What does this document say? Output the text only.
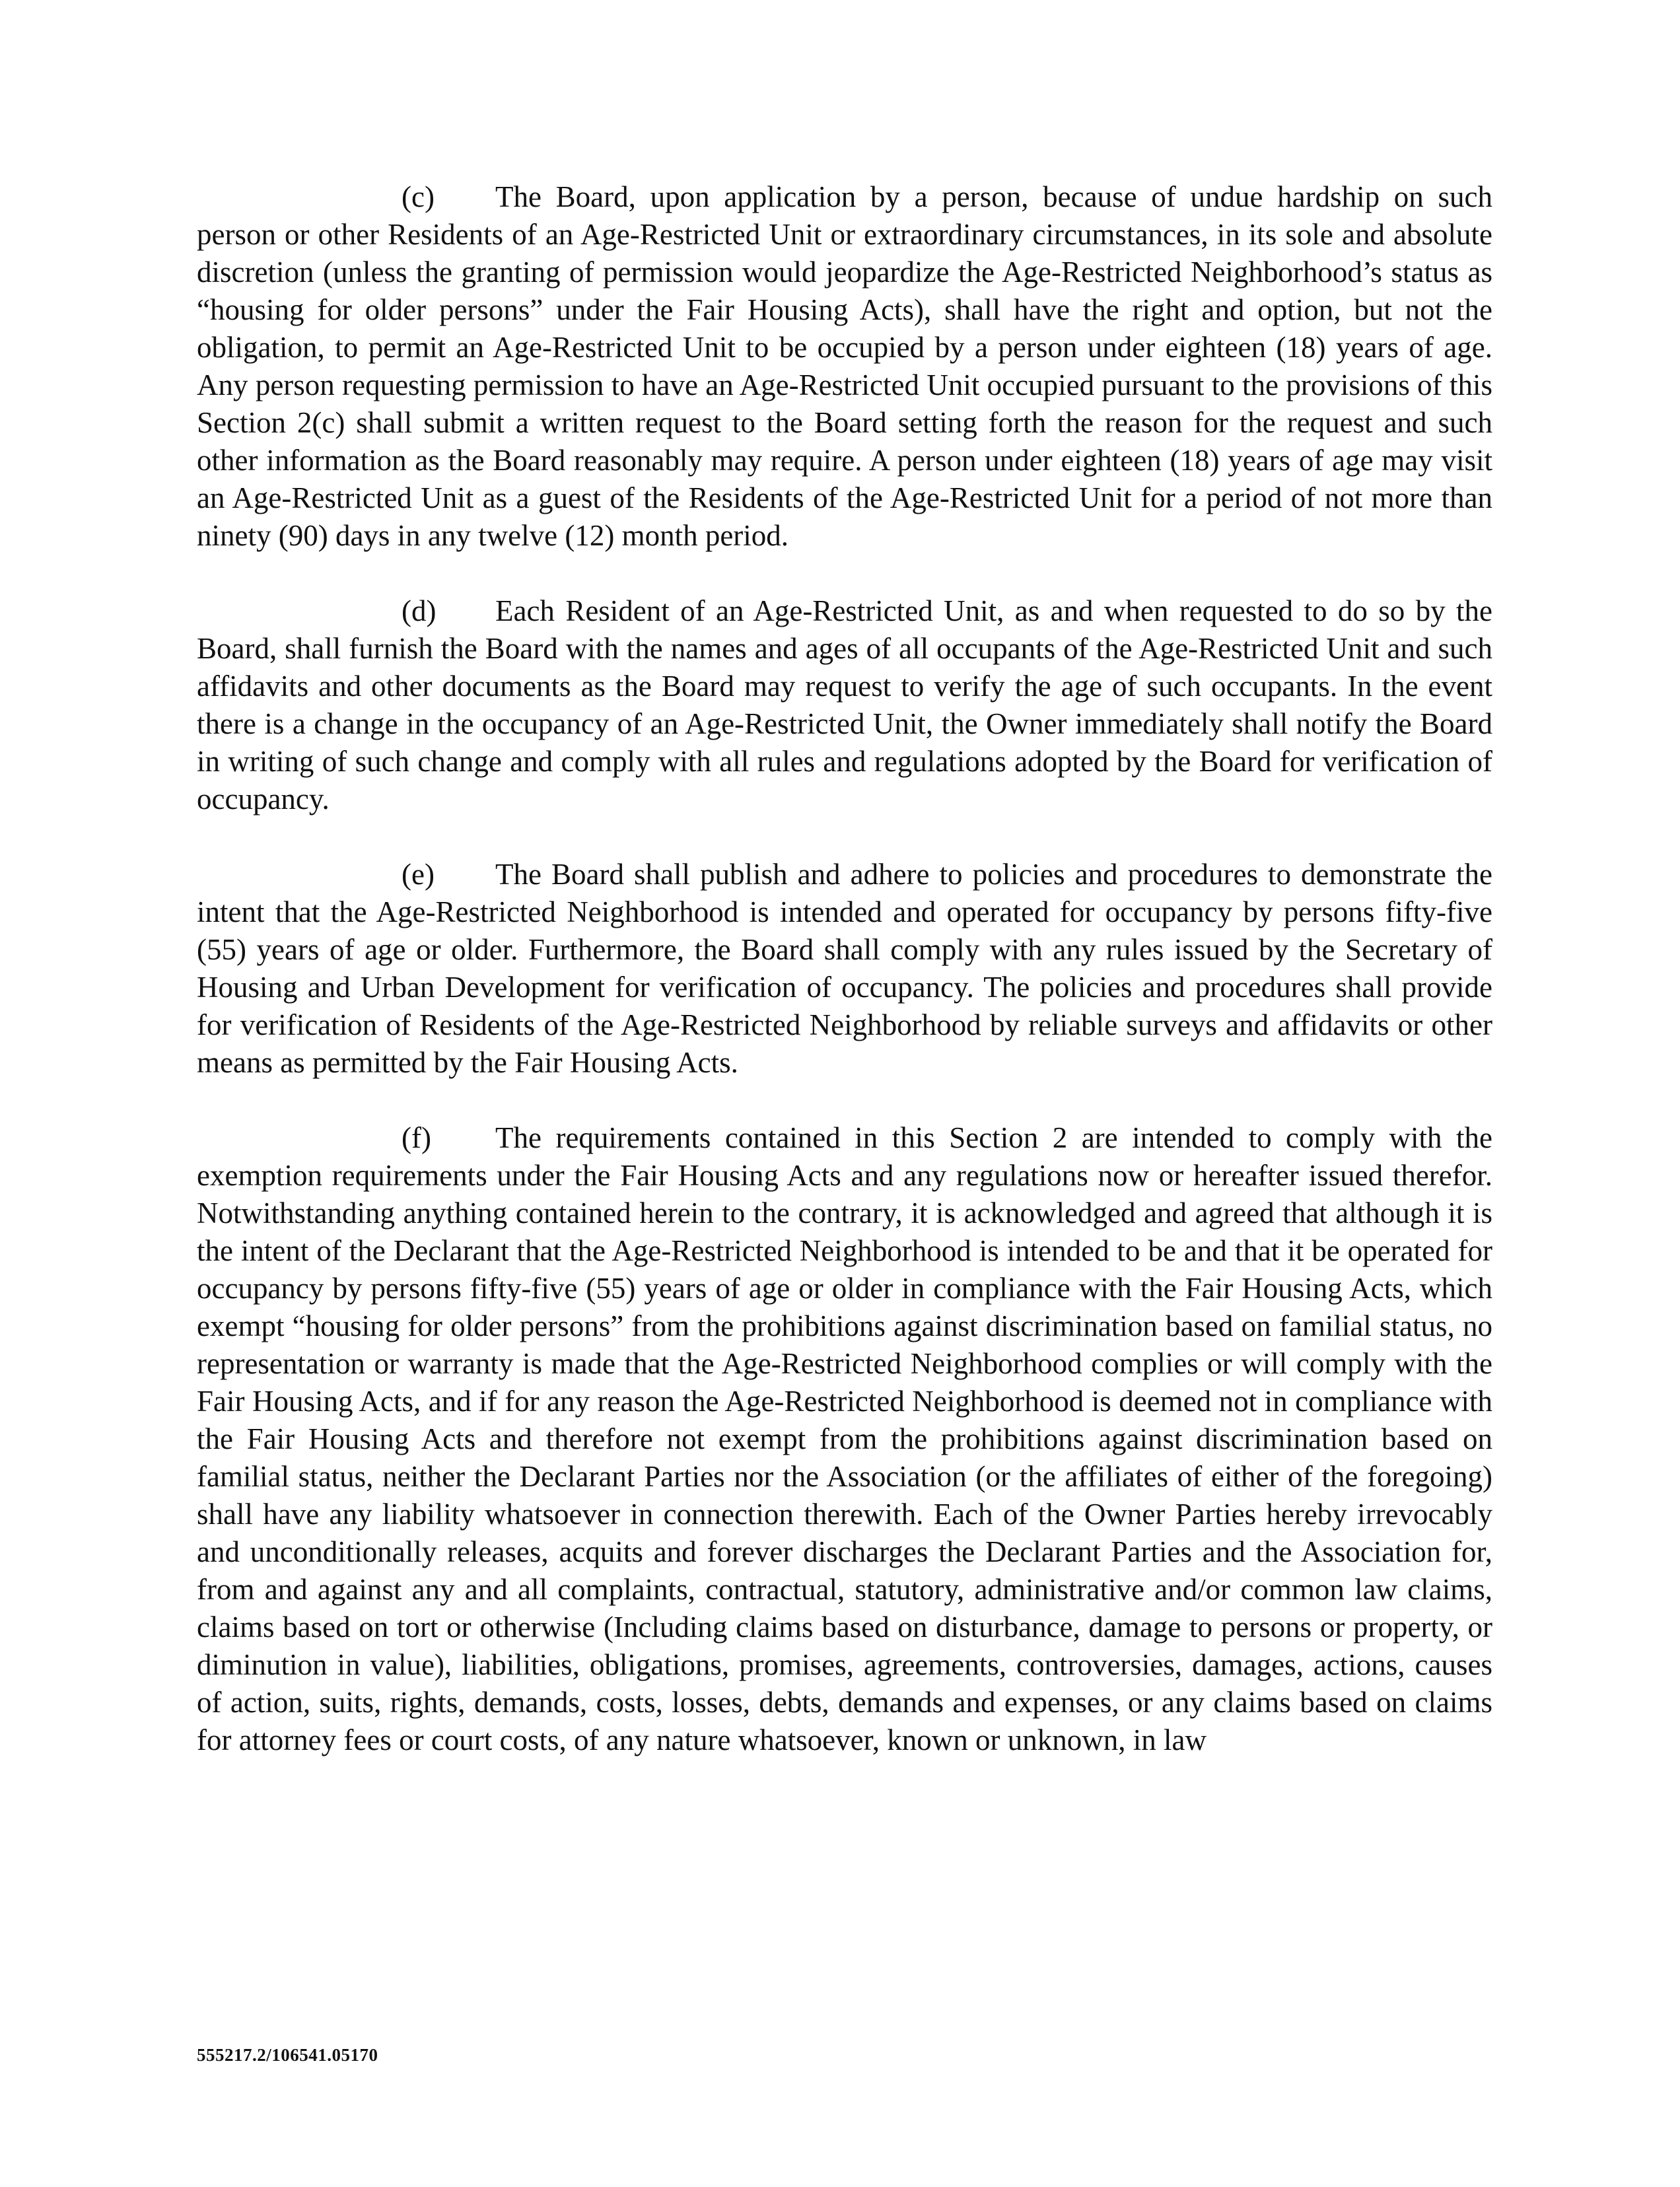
(c) The Board, upon application by a person, because of undue hardship on such person or other Residents of an Age-Restricted Unit or extraordinary circumstances, in its sole and absolute discretion (unless the granting of permission would jeopardize the Age-Restricted Neighborhood’s status as “housing for older persons” under the Fair Housing Acts), shall have the right and option, but not the obligation, to permit an Age-Restricted Unit to be occupied by a person under eighteen (18) years of age. Any person requesting permission to have an Age-Restricted Unit occupied pursuant to the provisions of this Section 2(c) shall submit a written request to the Board setting forth the reason for the request and such other information as the Board reasonably may require. A person under eighteen (18) years of age may visit an Age-Restricted Unit as a guest of the Residents of the Age-Restricted Unit for a period of not more than ninety (90) days in any twelve (12) month period.

(d) Each Resident of an Age-Restricted Unit, as and when requested to do so by the Board, shall furnish the Board with the names and ages of all occupants of the Age-Restricted Unit and such affidavits and other documents as the Board may request to verify the age of such occupants. In the event there is a change in the occupancy of an Age-Restricted Unit, the Owner immediately shall notify the Board in writing of such change and comply with all rules and regulations adopted by the Board for verification of occupancy.

(e) The Board shall publish and adhere to policies and procedures to demonstrate the intent that the Age-Restricted Neighborhood is intended and operated for occupancy by persons fifty-five (55) years of age or older. Furthermore, the Board shall comply with any rules issued by the Secretary of Housing and Urban Development for verification of occupancy. The policies and procedures shall provide for verification of Residents of the Age-Restricted Neighborhood by reliable surveys and affidavits or other means as permitted by the Fair Housing Acts.

(f) The requirements contained in this Section 2 are intended to comply with the exemption requirements under the Fair Housing Acts and any regulations now or hereafter issued therefor. Notwithstanding anything contained herein to the contrary, it is acknowledged and agreed that although it is the intent of the Declarant that the Age-Restricted Neighborhood is intended to be and that it be operated for occupancy by persons fifty-five (55) years of age or older in compliance with the Fair Housing Acts, which exempt “housing for older persons” from the prohibitions against discrimination based on familial status, no representation or warranty is made that the Age-Restricted Neighborhood complies or will comply with the Fair Housing Acts, and if for any reason the Age-Restricted Neighborhood is deemed not in compliance with the Fair Housing Acts and therefore not exempt from the prohibitions against discrimination based on familial status, neither the Declarant Parties nor the Association (or the affiliates of either of the foregoing) shall have any liability whatsoever in connection therewith. Each of the Owner Parties hereby irrevocably and unconditionally releases, acquits and forever discharges the Declarant Parties and the Association for, from and against any and all complaints, contractual, statutory, administrative and/or common law claims, claims based on tort or otherwise (Including claims based on disturbance, damage to persons or property, or diminution in value), liabilities, obligations, promises, agreements, controversies, damages, actions, causes of action, suits, rights, demands, costs, losses, debts, demands and expenses, or any claims based on claims for attorney fees or court costs, of any nature whatsoever, known or unknown, in law

555217.2/106541.05170
